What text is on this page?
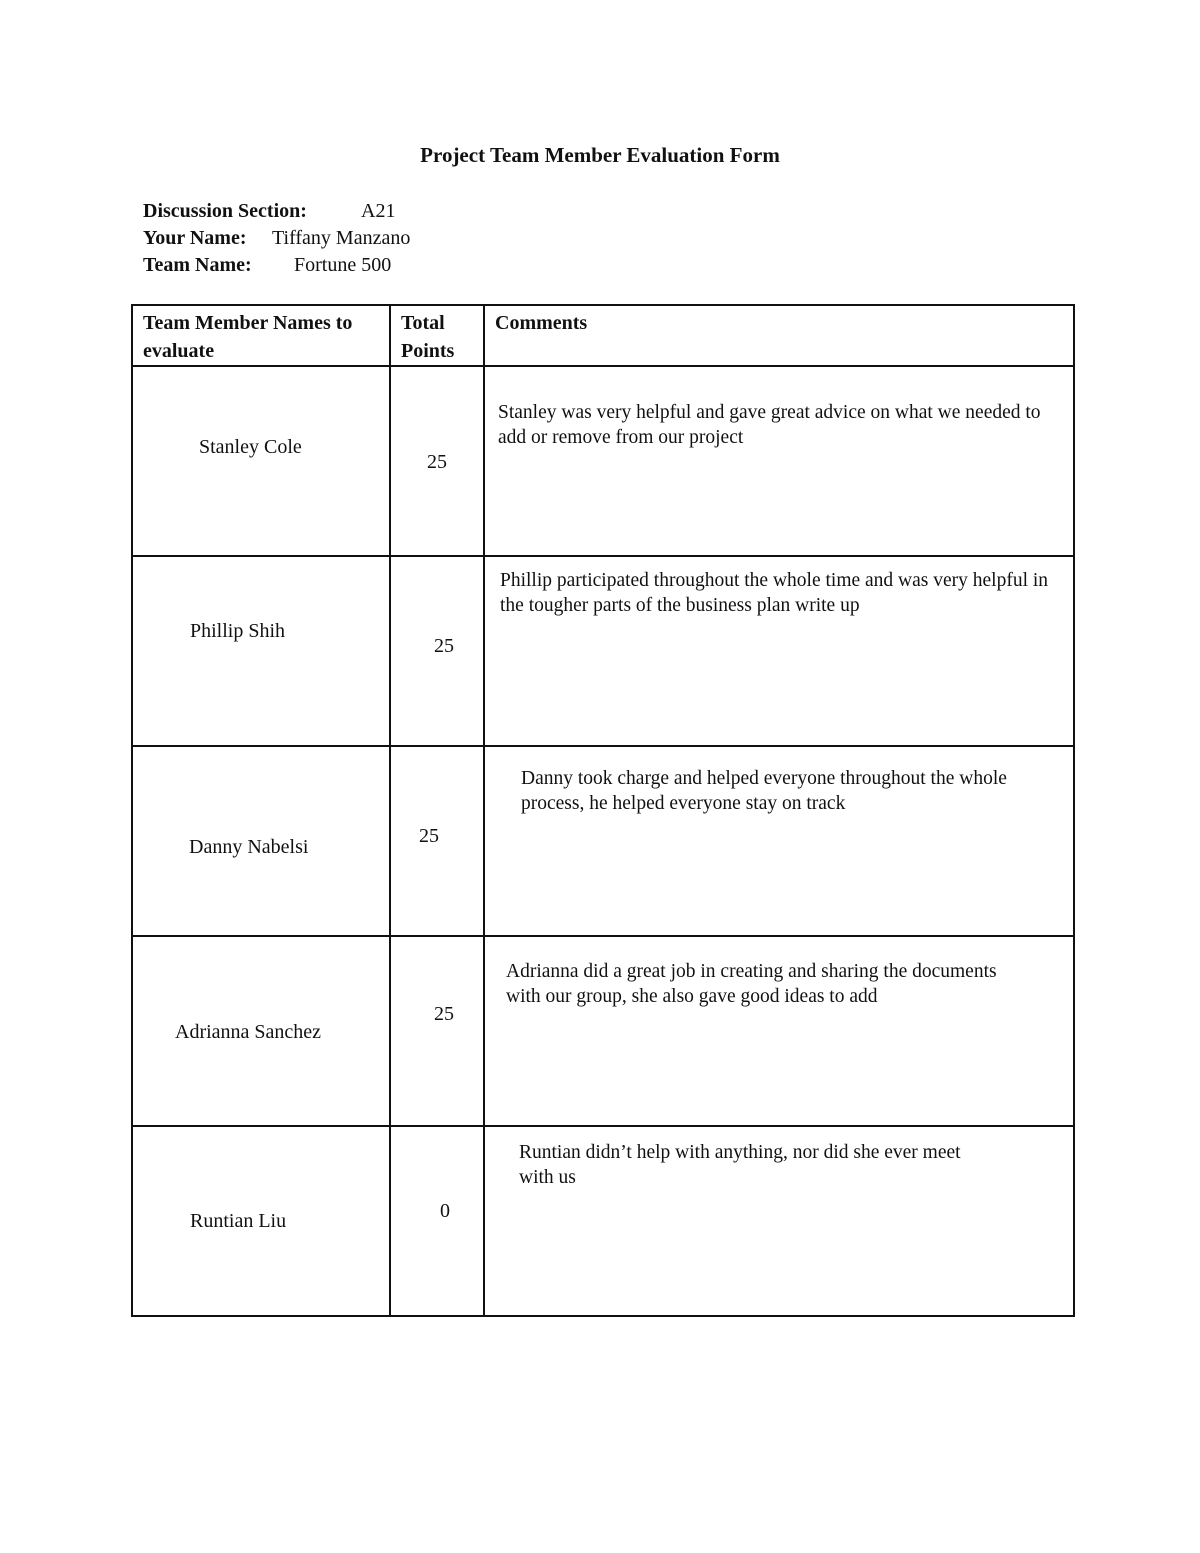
Project Team Member Evaluation Form
Discussion Section:	A21
Your Name: Tiffany Manzano
Team Name: Fortune 500
Team Member Names to evaluate	Total Points	Comments

Stanley Cole	25	Stanley was very helpful and gave great advice on what we needed to add or remove from our project

Phillip Shih	25	Phillip participated throughout the whole time and was very helpful in the tougher parts of the business plan write up

Danny Nabelsi	25	Danny took charge and helped everyone throughout the whole process, he helped everyone stay on track

Adrianna Sanchez	25	Adrianna did a great job in creating and sharing the documents with our group, she also gave good ideas to add

Runtian Liu	0	Runtian didn’t help with anything, nor did she ever meet with us
